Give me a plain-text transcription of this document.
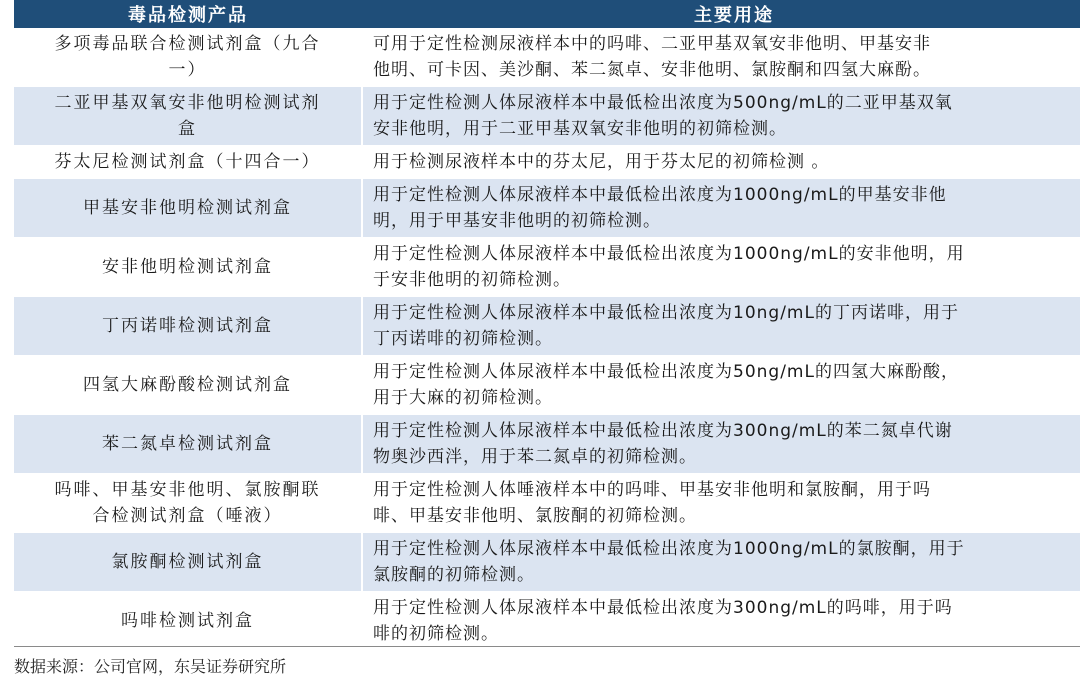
毒品检测产品	主要用途
多项毒品联合检测试剂盒（九合
一）	可用于定性检测尿液样本中的吗啡、二亚甲基双氧安非他明、甲基安非
他明、可卡因、美沙酮、苯二氮卓、安非他明、氯胺酮和四氢大麻酚。
二亚甲基双氧安非他明检测试剂
盒	用于定性检测人体尿液样本中最低检出浓度为500ng/mL的二亚甲基双氧
安非他明，用于二亚甲基双氧安非他明的初筛检测。
芬太尼检测试剂盒（十四合一）	用于检测尿液样本中的芬太尼，用于芬太尼的初筛检测 。
甲基安非他明检测试剂盒	用于定性检测人体尿液样本中最低检出浓度为1000ng/mL的甲基安非他
明，用于甲基安非他明的初筛检测。
安非他明检测试剂盒	用于定性检测人体尿液样本中最低检出浓度为1000ng/mL的安非他明，用
于安非他明的初筛检测。
丁丙诺啡检测试剂盒	用于定性检测人体尿液样本中最低检出浓度为10ng/mL的丁丙诺啡，用于
丁丙诺啡的初筛检测。
四氢大麻酚酸检测试剂盒	用于定性检测人体尿液样本中最低检出浓度为50ng/mL的四氢大麻酚酸，
用于大麻的初筛检测。
苯二氮卓检测试剂盒	用于定性检测人体尿液样本中最低检出浓度为300ng/mL的苯二氮卓代谢
物奥沙西泮，用于苯二氮卓的初筛检测。
吗啡、甲基安非他明、氯胺酮联
合检测试剂盒（唾液）	用于定性检测人体唾液样本中的吗啡、甲基安非他明和氯胺酮，用于吗
啡、甲基安非他明、氯胺酮的初筛检测。
氯胺酮检测试剂盒	用于定性检测人体尿液样本中最低检出浓度为1000ng/mL的氯胺酮，用于
氯胺酮的初筛检测。
吗啡检测试剂盒	用于定性检测人体尿液样本中最低检出浓度为300ng/mL的吗啡，用于吗
啡的初筛检测。
数据来源：公司官网，东吴证券研究所
